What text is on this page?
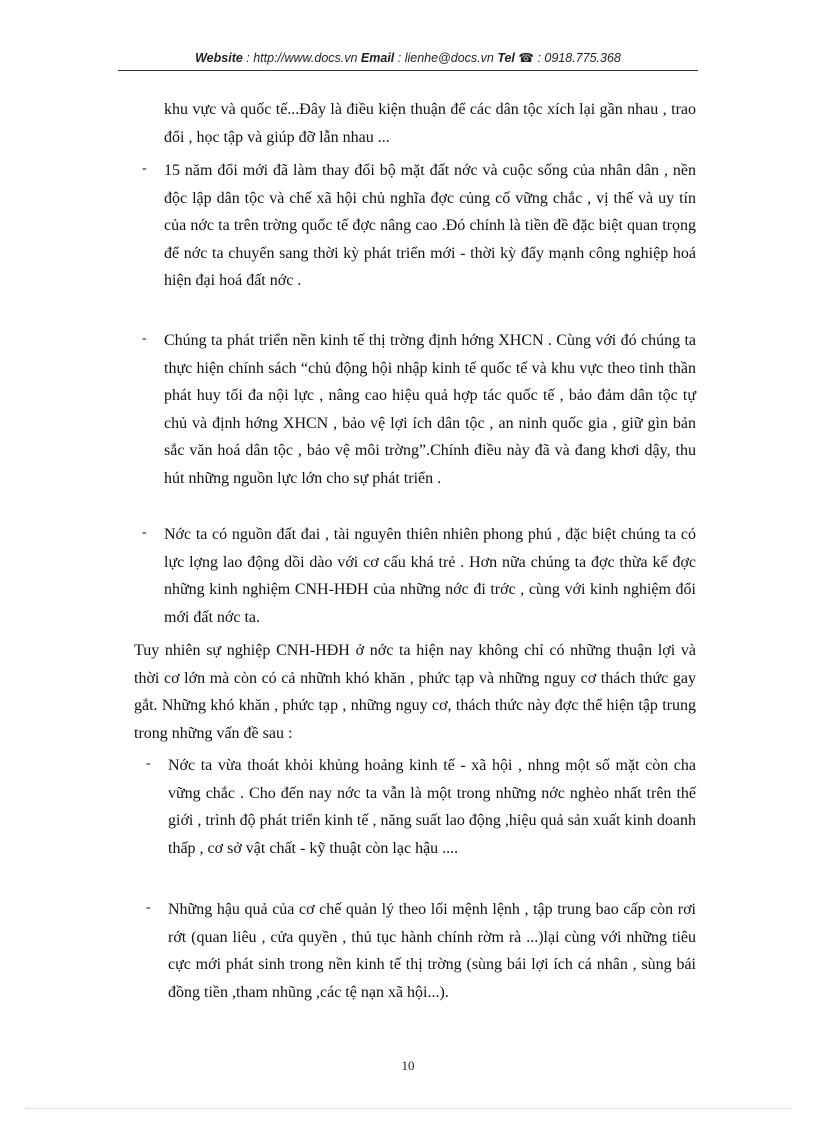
Website : http://www.docs.vn Email : lienhe@docs.vn Tel ☎ : 0918.775.368
khu vực và quốc tế...Đây là điều kiện thuận để các dân tộc xích lại gần nhau , trao đổi , học tập và giúp đỡ lẫn nhau ...
- 15 năm đổi mới đã làm thay đổi bộ mặt đất nớc và cuộc sống của nhân dân , nền độc lập dân tộc và chế xã hội chủ nghĩa đợc củng cố vững chắc , vị thế và uy tín của nớc ta trên trờng quốc tế đợc nâng cao .Đó chính là tiền đề đặc biệt quan trọng để nớc ta chuyển sang thời kỳ phát triển mới - thời kỳ đẩy mạnh công nghiệp hoá hiện đại hoá đất nớc .
- Chúng ta phát triển nền kinh tế thị trờng định hớng XHCN . Cùng với đó chúng ta thực hiện chính sách “chủ động hội nhập kinh tế quốc tế và khu vực theo tinh thần phát huy tối đa nội lực , nâng cao hiệu quả hợp tác quốc tế , bảo đảm dân tộc tự chủ và định hớng XHCN , bảo vệ lợi ích dân tộc , an ninh quốc gia , giữ gìn bản sắc văn hoá dân tộc , bảo vệ môi trờng”.Chính điều này đã và đang khơi dậy, thu hút những nguồn lực lớn cho sự phát triển .
- Nớc ta có nguồn đất đai , tài nguyên thiên nhiên phong phú , đặc biệt chúng ta có lực lợng lao động dồi dào với cơ cấu khá trẻ . Hơn nữa chúng ta đợc thừa kế đợc những kinh nghiệm CNH-HĐH của những nớc đi trớc , cùng với kinh nghiệm đổi mới đất nớc ta.
Tuy nhiên sự nghiệp CNH-HĐH ở nớc ta hiện nay không chỉ có những thuận lợi và thời cơ lớn mà còn có cả nhữnh khó khăn , phức tạp và những nguy cơ thách thức gay gắt. Những khó khăn , phức tạp , những nguy cơ, thách thức này đợc thể hiện tập trung trong những vấn đề sau :
- Nớc ta vừa thoát khỏi khủng hoảng kinh tế - xã hội , nhng một số mặt còn cha vững chắc . Cho đến nay nớc ta vẫn là một trong những nớc nghèo nhất trên thế giới , trình độ phát triển kinh tế , năng suất lao động ,hiệu quả sản xuất kinh doanh thấp , cơ sở vật chất - kỹ thuật còn lạc hậu ....
- Những hậu quả của cơ chế quản lý theo lối mệnh lệnh , tập trung bao cấp còn rơi rớt (quan liêu , cửa quyền , thủ tục hành chính rờm rà ...)lại cùng với những tiêu cực mới phát sinh trong nền kinh tế thị trờng (sùng bái lợi ích cá nhân , sùng bái đồng tiền ,tham nhũng ,các tệ nạn xã hội...).
10
